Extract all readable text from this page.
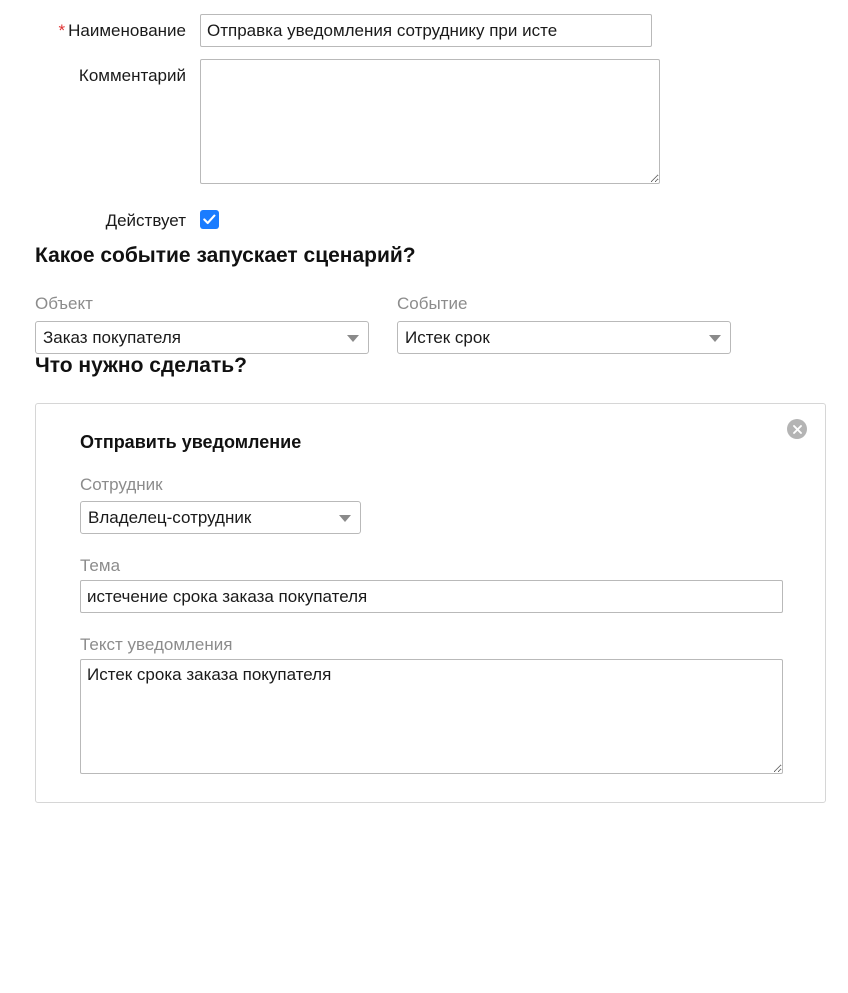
* Наименование
Отправка уведомления сотруднику при исте
Комментарий
Действует
Какое событие запускает сценарий?
Объект
Заказ покупателя
Событие
Истек срок
Что нужно сделать?
Отправить уведомление
Сотрудник
Владелец-сотрудник
Тема
истечение срока заказа покупателя
Текст уведомления
Истек срока заказа покупателя
